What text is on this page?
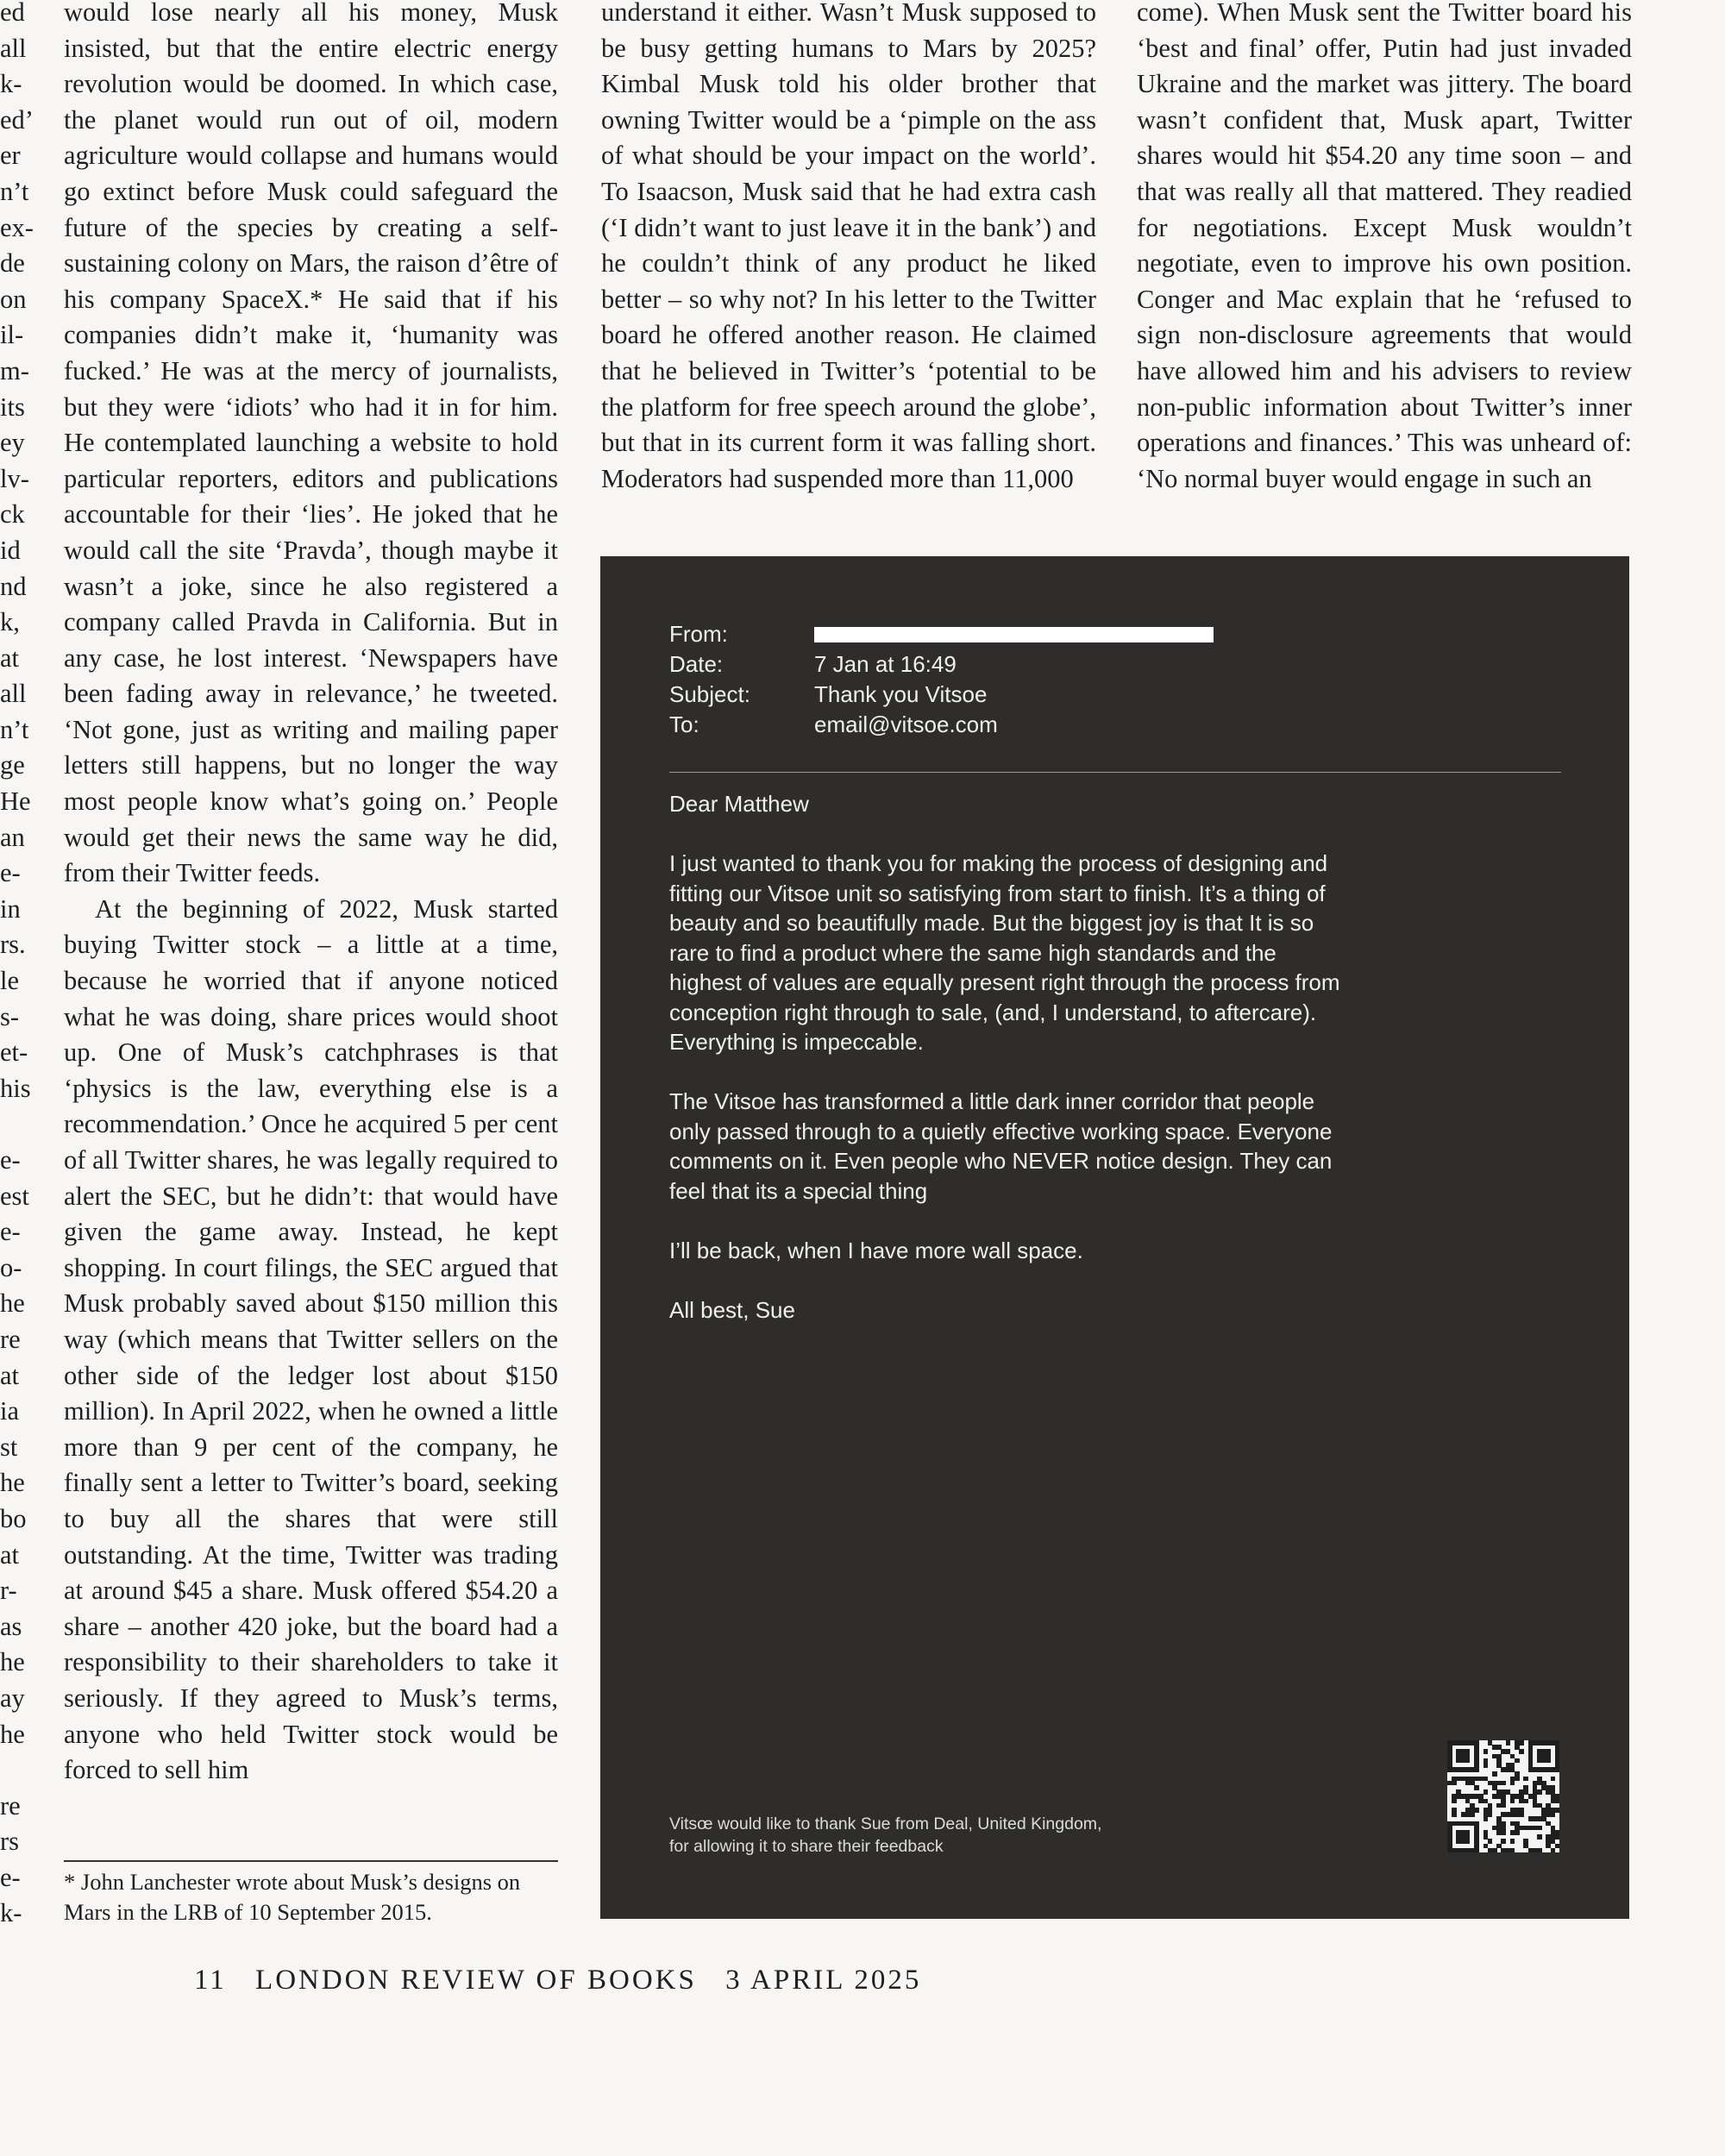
ed
all
k-
ed’
er
n’t
ex-
de
on
il-
m-
its
ey
lv-
ck
id
nd
k,
at
all
n’t
ge
He
an
e-
in
rs.
le
s-
et-
his

e-
est
e-
o-
he
re
at
ia
st
he
bo
at
r-
as
he
ay
he

re
rs
e-
k-

would lose nearly all his money, Musk insisted, but that the entire electric energy revolution would be doomed. In which case, the planet would run out of oil, modern agriculture would collapse and humans would go extinct before Musk could safeguard the future of the species by creating a self-sustaining colony on Mars, the raison d’être of his company SpaceX.* He said that if his companies didn’t make it, ‘humanity was fucked.’ He was at the mercy of journalists, but they were ‘idiots’ who had it in for him. He contemplated launching a website to hold particular reporters, editors and publications accountable for their ‘lies’. He joked that he would call the site ‘Pravda’, though maybe it wasn’t a joke, since he also registered a company called Pravda in California. But in any case, he lost interest. ‘Newspapers have been fading away in relevance,’ he tweeted. ‘Not gone, just as writing and mailing paper letters still happens, but no longer the way most people know what’s going on.’ People would get their news the same way he did, from their Twitter feeds.

At the beginning of 2022, Musk started buying Twitter stock – a little at a time, because he worried that if anyone noticed what he was doing, share prices would shoot up. One of Musk’s catchphrases is that ‘physics is the law, everything else is a recommendation.’ Once he acquired 5 per cent of all Twitter shares, he was legally required to alert the SEC, but he didn’t: that would have given the game away. Instead, he kept shopping. In court filings, the SEC argued that Musk probably saved about $150 million this way (which means that Twitter sellers on the other side of the ledger lost about $150 million). In April 2022, when he owned a little more than 9 per cent of the company, he finally sent a letter to Twitter’s board, seeking to buy all the shares that were still outstanding. At the time, Twitter was trading at around $45 a share. Musk offered $54.20 a share – another 420 joke, but the board had a responsibility to their shareholders to take it seriously. If they agreed to Musk’s terms, anyone who held Twitter stock would be forced to sell him

understand it either. Wasn’t Musk supposed to be busy getting humans to Mars by 2025? Kimbal Musk told his older brother that owning Twitter would be a ‘pimple on the ass of what should be your impact on the world’. To Isaacson, Musk said that he had extra cash (‘I didn’t want to just leave it in the bank’) and he couldn’t think of any product he liked better – so why not? In his letter to the Twitter board he offered another reason. He claimed that he believed in Twitter’s ‘potential to be the platform for free speech around the globe’, but that in its current form it was falling short. Moderators had suspended more than 11,000

come). When Musk sent the Twitter board his ‘best and final’ offer, Putin had just invaded Ukraine and the market was jittery. The board wasn’t confident that, Musk apart, Twitter shares would hit $54.20 any time soon – and that was really all that mattered. They readied for negotiations. Except Musk wouldn’t negotiate, even to improve his own position. Conger and Mac explain that he ‘refused to sign non-disclosure agreements that would have allowed him and his advisers to review non-public information about Twitter’s inner operations and finances.’ This was unheard of: ‘No normal buyer would engage in such an

* John Lanchester wrote about Musk’s designs on Mars in the LRB of 10 September 2015.
11 LONDON REVIEW OF BOOKS 3 APRIL 2025
From:
Date:	7 Jan at 16:49
Subject:	Thank you Vitsoe
To:	email@vitsoe.com

Dear Matthew

I just wanted to thank you for making the process of designing and fitting our Vitsoe unit so satisfying from start to finish. It’s a thing of beauty and so beautifully made. But the biggest joy is that It is so rare to find a product where the same high standards and the highest of values are equally present right through the process from conception right through to sale, (and, I understand, to aftercare). Everything is impeccable.

The Vitsoe has transformed a little dark inner corridor that people only passed through to a quietly effective working space. Everyone comments on it. Even people who NEVER notice design. They can feel that its a special thing

I’ll be back, when I have more wall space.

All best, Sue

Vitsœ would like to thank Sue from Deal, United Kingdom,
for allowing it to share their feedback
